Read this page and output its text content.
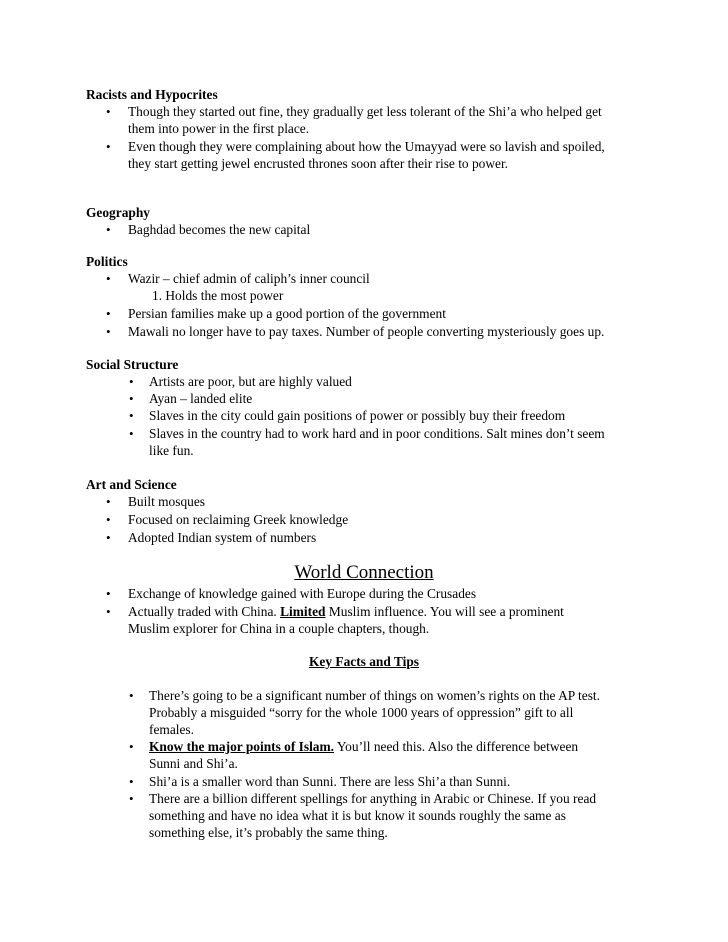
Racists and Hypocrites
• Though they started out fine, they gradually get less tolerant of the Shi’a who helped get
them into power in the first place.
• Even though they were complaining about how the Umayyad were so lavish and spoiled,
they start getting jewel encrusted thrones soon after their rise to power.
Geography
• Baghdad becomes the new capital
Politics
• Wazir – chief admin of caliph’s inner council
1. Holds the most power
• Persian families make up a good portion of the government
• Mawali no longer have to pay taxes. Number of people converting mysteriously goes up.
Social Structure
• Artists are poor, but are highly valued
• Ayan – landed elite
• Slaves in the city could gain positions of power or possibly buy their freedom
• Slaves in the country had to work hard and in poor conditions. Salt mines don’t seem
like fun.
Art and Science
• Built mosques
• Focused on reclaiming Greek knowledge
• Adopted Indian system of numbers
World Connection
• Exchange of knowledge gained with Europe during the Crusades
• Actually traded with China. Limited Muslim influence. You will see a prominent
Muslim explorer for China in a couple chapters, though.
Key Facts and Tips
• There’s going to be a significant number of things on women’s rights on the AP test.
Probably a misguided “sorry for the whole 1000 years of oppression” gift to all
females.
• Know the major points of Islam. You’ll need this. Also the difference between
Sunni and Shi’a.
• Shi’a is a smaller word than Sunni. There are less Shi’a than Sunni.
• There are a billion different spellings for anything in Arabic or Chinese. If you read
something and have no idea what it is but know it sounds roughly the same as
something else, it’s probably the same thing.
